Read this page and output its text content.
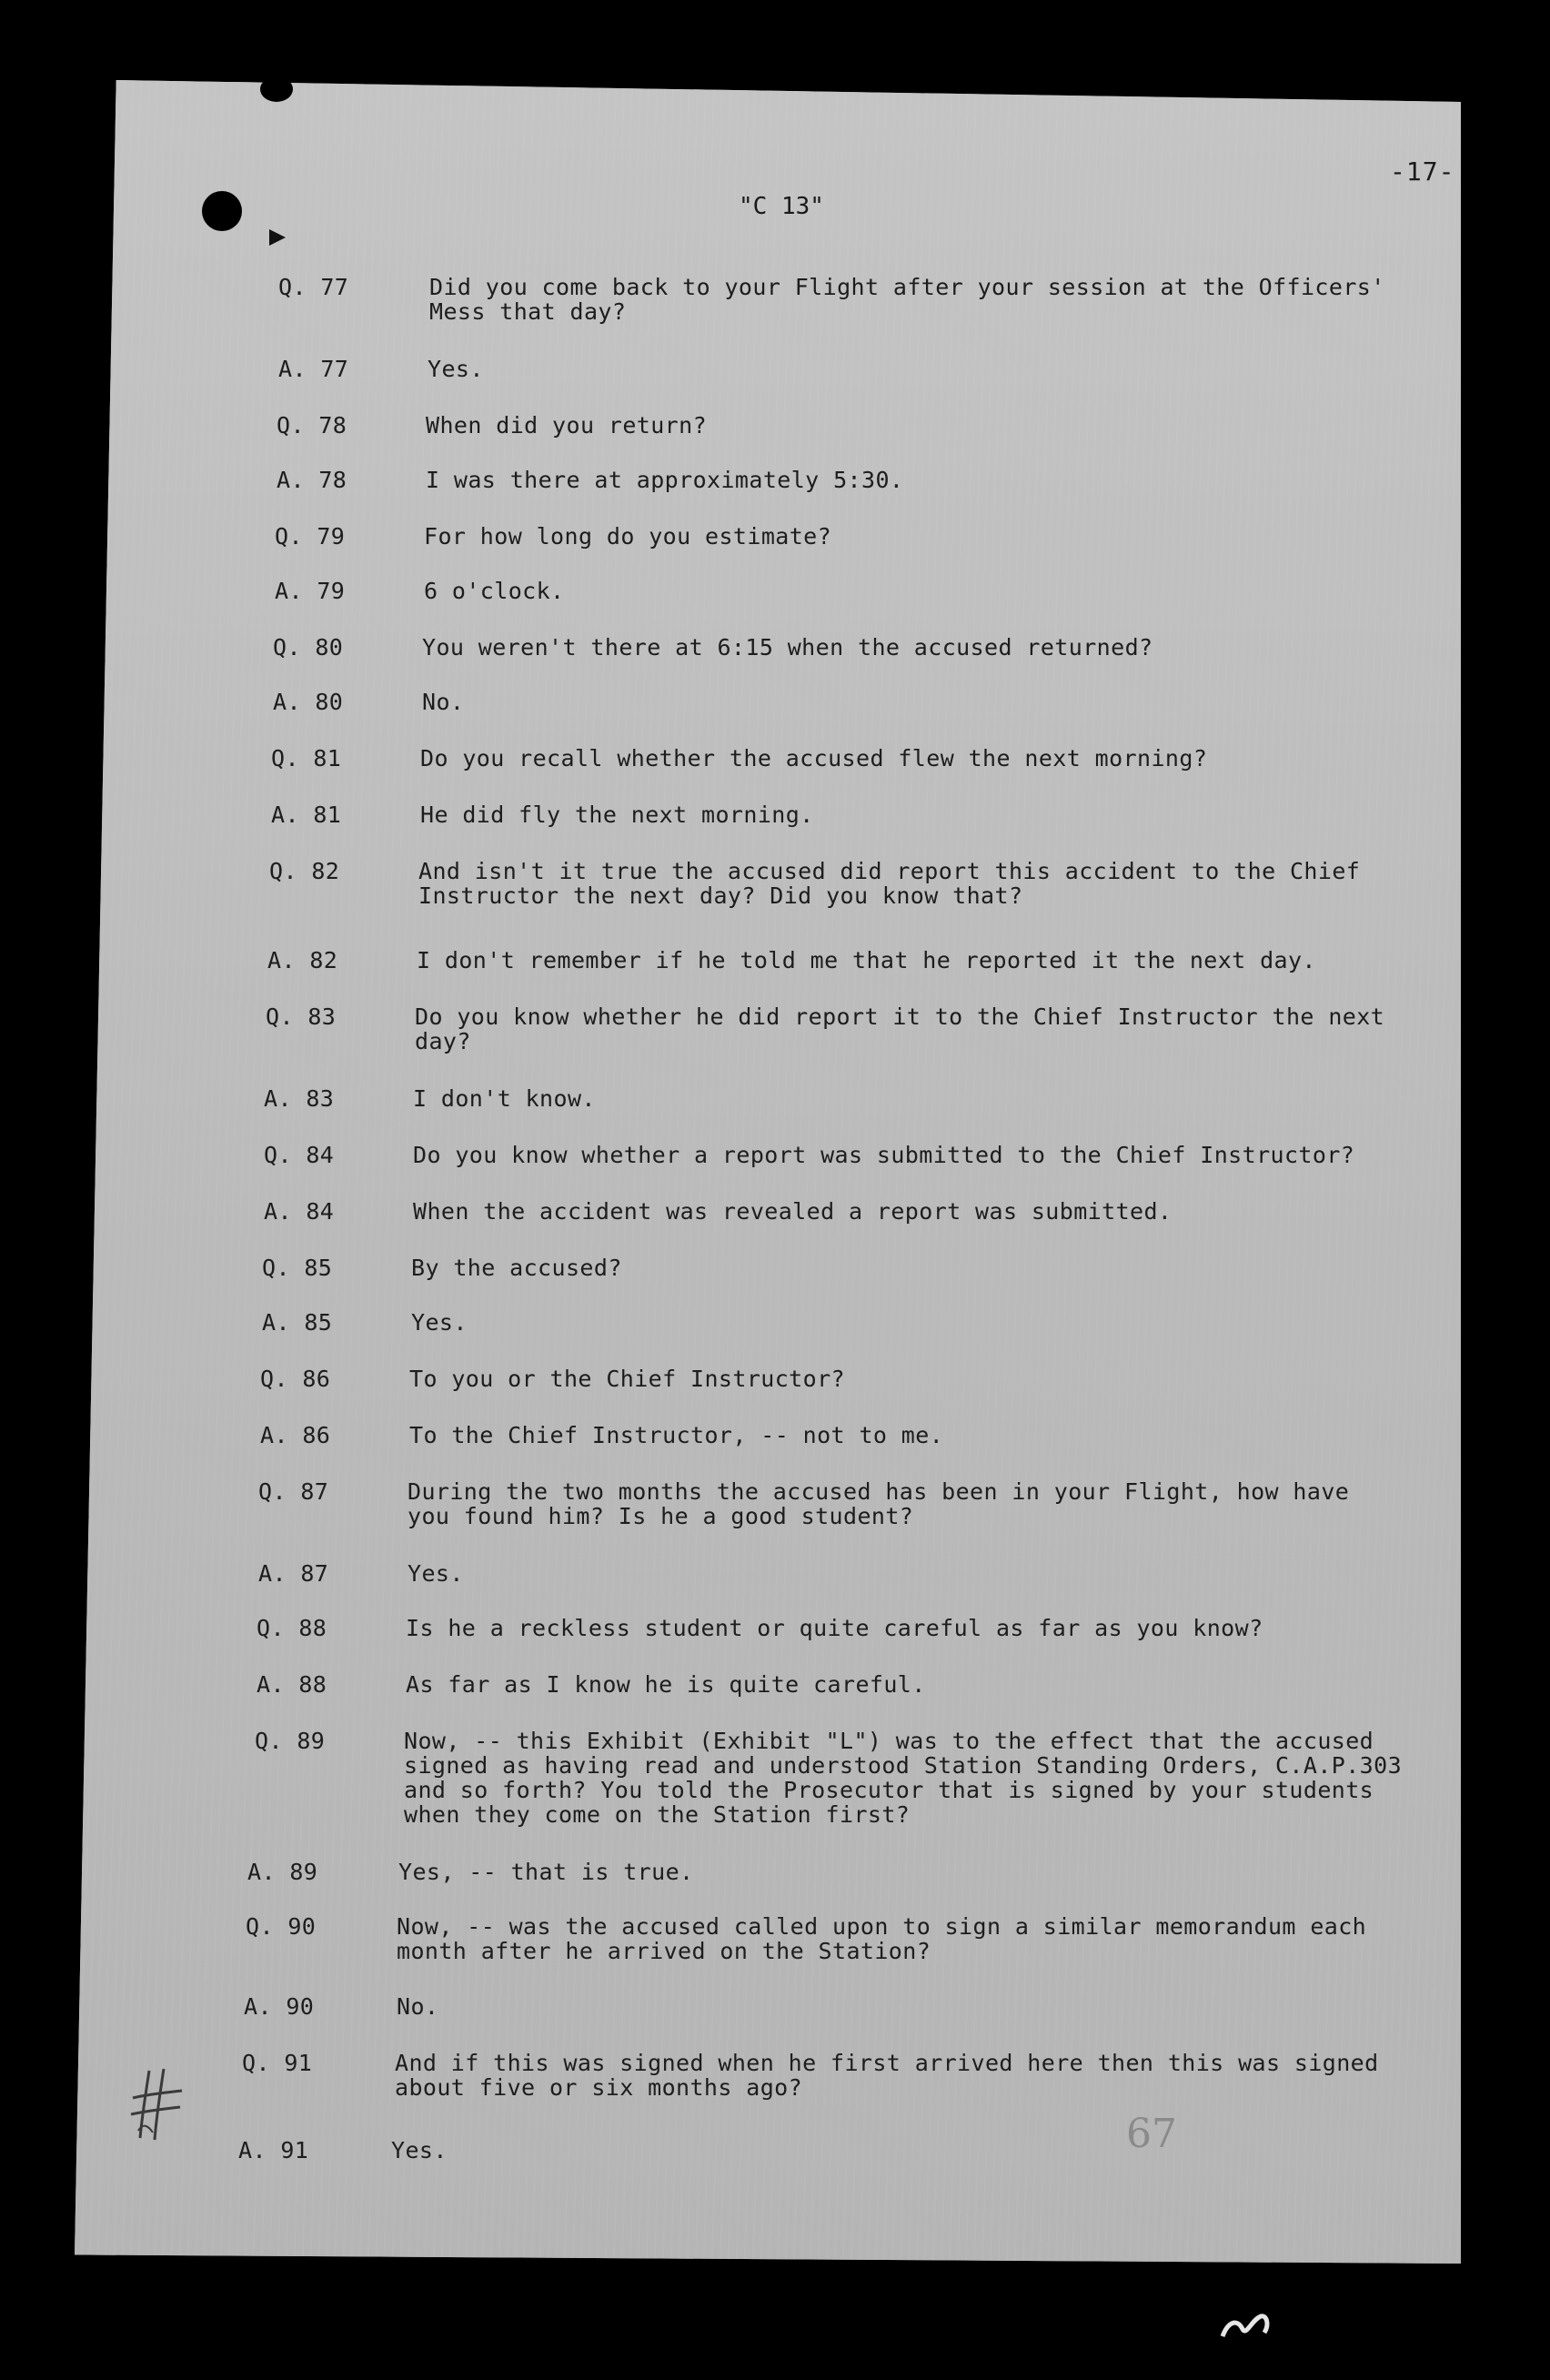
-17-
"C 13"
Q. 77	Did you come back to your Flight after your session at the Officers'
Mess that day?
A. 77	Yes.
Q. 78	When did you return?
A. 78	I was there at approximately 5:30.
Q. 79	For how long do you estimate?
A. 79	6 o'clock.
Q. 80	You weren't there at 6:15 when the accused returned?
A. 80	No.
Q. 81	Do you recall whether the accused flew the next morning?
A. 81	He did fly the next morning.
Q. 82	And isn't it true the accused did report this accident to the Chief
Instructor the next day? Did you know that?
A. 82	I don't remember if he told me that he reported it the next day.
Q. 83	Do you know whether he did report it to the Chief Instructor the next
day?
A. 83	I don't know.
Q. 84	Do you know whether a report was submitted to the Chief Instructor?
A. 84	When the accident was revealed a report was submitted.
Q. 85	By the accused?
A. 85	Yes.
Q. 86	To you or the Chief Instructor?
A. 86	To the Chief Instructor, -- not to me.
Q. 87	During the two months the accused has been in your Flight, how have
you found him? Is he a good student?
A. 87	Yes.
Q. 88	Is he a reckless student or quite careful as far as you know?
A. 88	As far as I know he is quite careful.
Q. 89	Now, -- this Exhibit (Exhibit "L") was to the effect that the accused
signed as having read and understood Station Standing Orders, C.A.P.303
and so forth? You told the Prosecutor that is signed by your students
when they come on the Station first?
A. 89	Yes, -- that is true.
Q. 90	Now, -- was the accused called upon to sign a similar memorandum each
month after he arrived on the Station?
A. 90	No.
Q. 91	And if this was signed when he first arrived here then this was signed
about five or six months ago?
A. 91	Yes.	67
